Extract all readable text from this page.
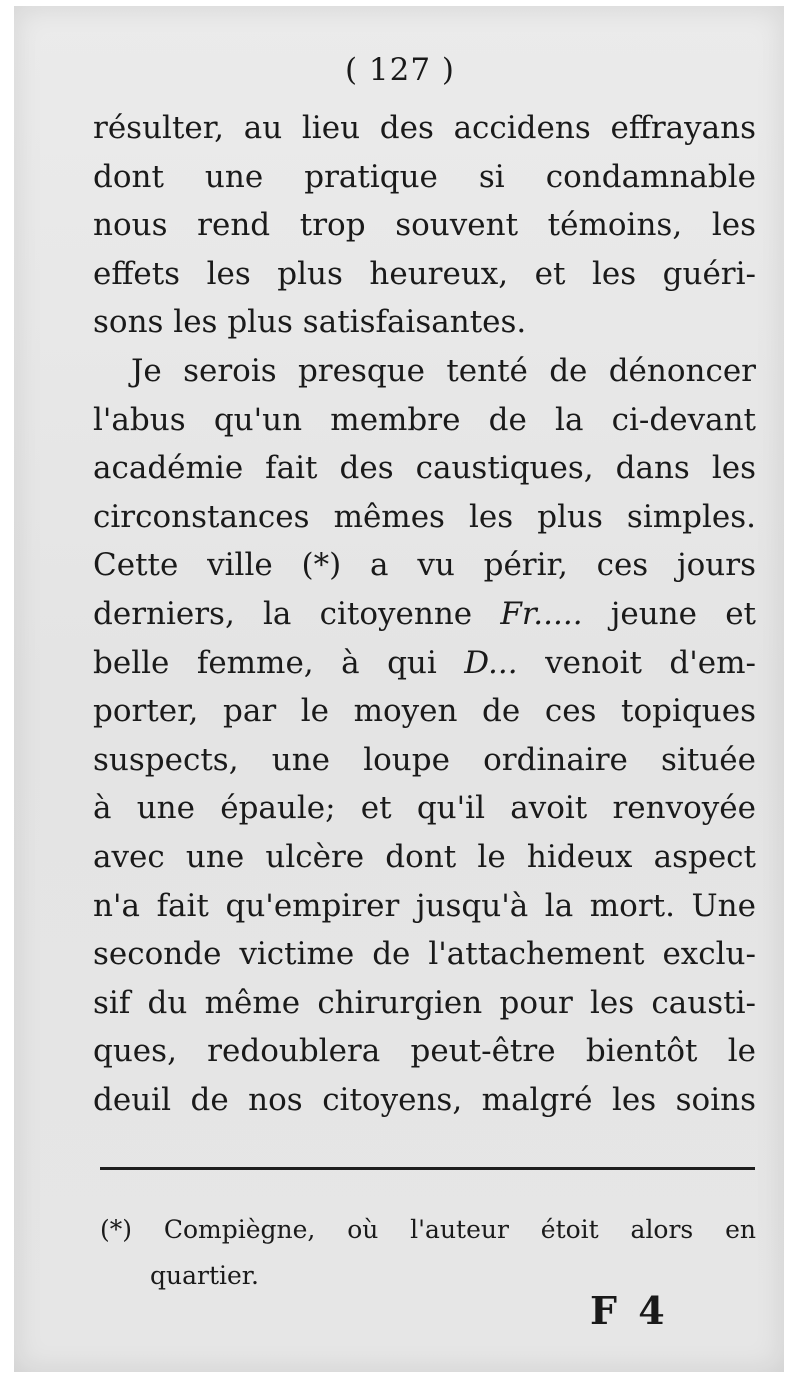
( 127 )
résulter, au lieu des accidens effrayans
dont une pratique si condamnable
nous rend trop souvent témoins, les
effets les plus heureux, et les guéri-
sons les plus satisfaisantes.
Je serois presque tenté de dénoncer
l'abus qu'un membre de la ci-devant
académie fait des caustiques, dans les
circonstances mêmes les plus simples.
Cette ville (*) a vu périr, ces jours
derniers, la citoyenne Fr..... jeune et
belle femme, à qui D... venoit d'em-
porter, par le moyen de ces topiques
suspects, une loupe ordinaire située
à une épaule; et qu'il avoit renvoyée
avec une ulcère dont le hideux aspect
n'a fait qu'empirer jusqu'à la mort. Une
seconde victime de l'attachement exclu-
sif du même chirurgien pour les causti-
ques, redoublera peut-être bientôt le
deuil de nos citoyens, malgré les soins
(*) Compiègne, où l'auteur étoit alors en
quartier.
F 4
